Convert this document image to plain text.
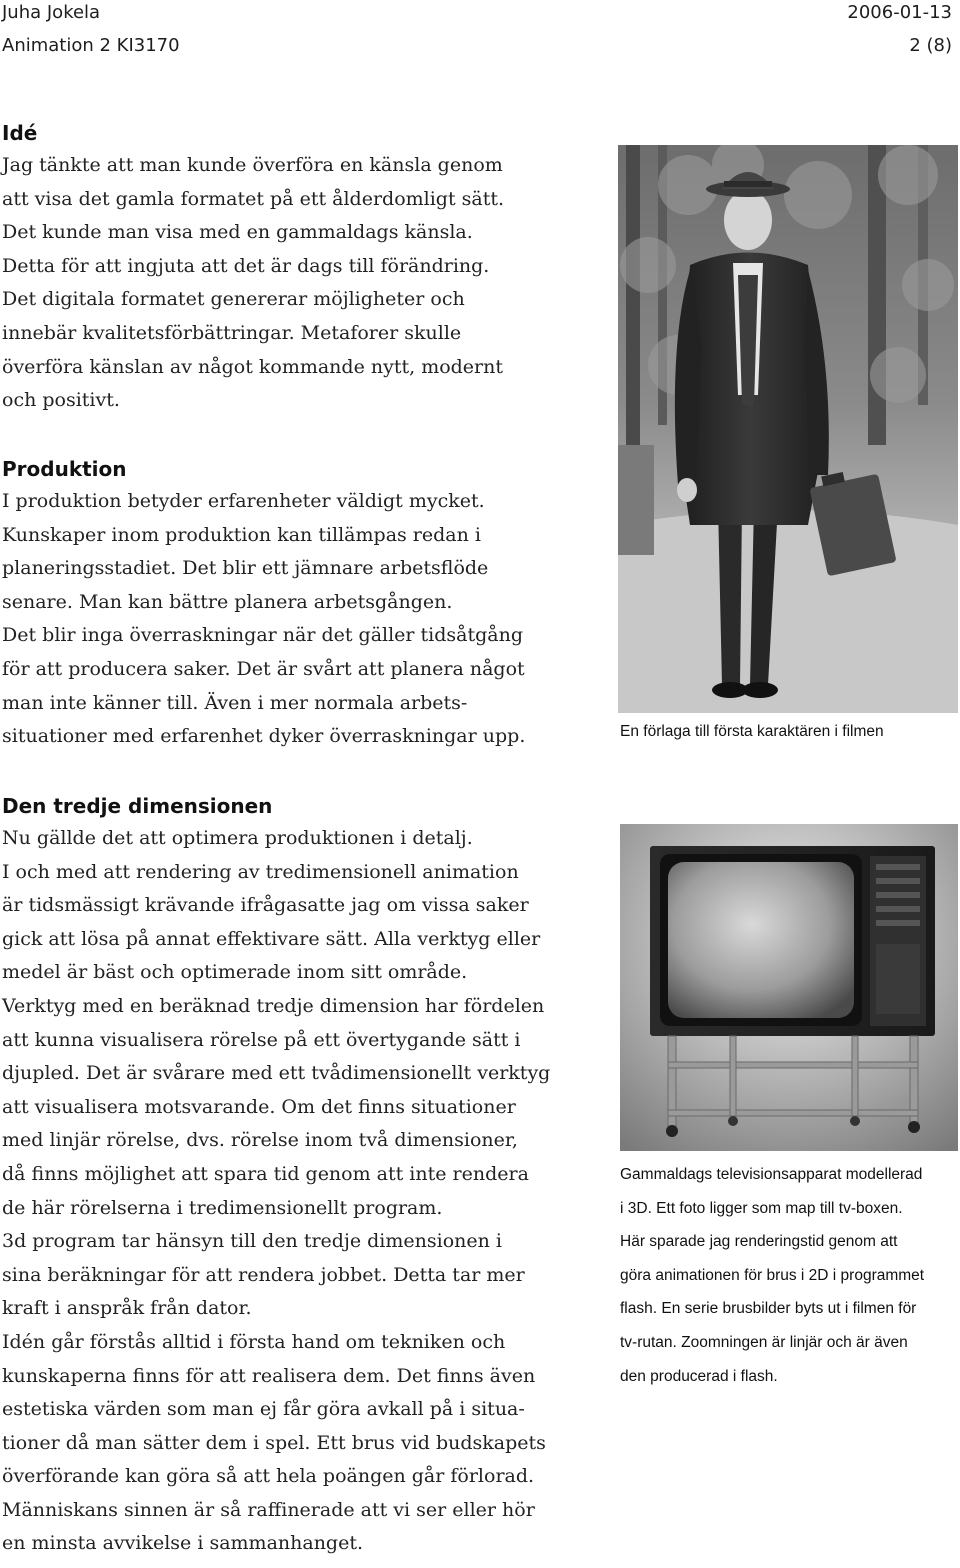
Juha Jokela	2006-01-13
Animation 2 KI3170	2 (8)
Idé
Jag tänkte att man kunde överföra en känsla genom
att visa det gamla formatet på ett ålderdomligt sätt.
Det kunde man visa med en gammaldags känsla.
Detta för att ingjuta att det är dags till förändring.
Det digitala formatet genererar möjligheter och
innebär kvalitetsförbättringar. Metaforer skulle
överföra känslan av något kommande nytt, modernt
och positivt.
Produktion
I produktion betyder erfarenheter väldigt mycket.
Kunskaper inom produktion kan tillämpas redan i
planeringsstadiet. Det blir ett jämnare arbetsflöde
senare. Man kan bättre planera arbetsgången.
Det blir inga överraskningar när det gäller tidsåtgång
för att producera saker. Det är svårt att planera något
man inte känner till. Även i mer normala arbets-
situationer med erfarenhet dyker överraskningar upp.
Den tredje dimensionen
Nu gällde det att optimera produktionen i detalj.
I och med att rendering av tredimensionell animation
är tidsmässigt krävande ifrågasatte jag om vissa saker
gick att lösa på annat effektivare sätt. Alla verktyg eller
medel är bäst och optimerade inom sitt område.
Verktyg med en beräknad tredje dimension har fördelen
att kunna visualisera rörelse på ett övertygande sätt i
djupled. Det är svårare med ett tvådimensionellt verktyg
att visualisera motsvarande. Om det finns situationer
med linjär rörelse, dvs. rörelse inom två dimensioner,
då finns möjlighet att spara tid genom att inte rendera
de här rörelserna i tredimensionellt program.
3d program tar hänsyn till den tredje dimensionen i
sina beräkningar för att rendera jobbet. Detta tar mer
kraft i anspråk från dator.
Idén går förstås alltid i första hand om tekniken och
kunskaperna finns för att realisera dem. Det finns även
estetiska värden som man ej får göra avkall på i situa-
tioner då man sätter dem i spel. Ett brus vid budskapets
överförande kan göra så att hela poängen går förlorad.
Människans sinnen är så raffinerade att vi ser eller hör
en minsta avvikelse i sammanhanget.
En förlaga till första karaktären i filmen
Gammaldags televisionsapparat modellerad
i 3D. Ett foto ligger som map till tv-boxen.
Här sparade jag renderingstid genom att
göra animationen för brus i 2D i programmet
flash. En serie brusbilder byts ut i filmen för
tv-rutan. Zoomningen är linjär och är även
den producerad i flash.
